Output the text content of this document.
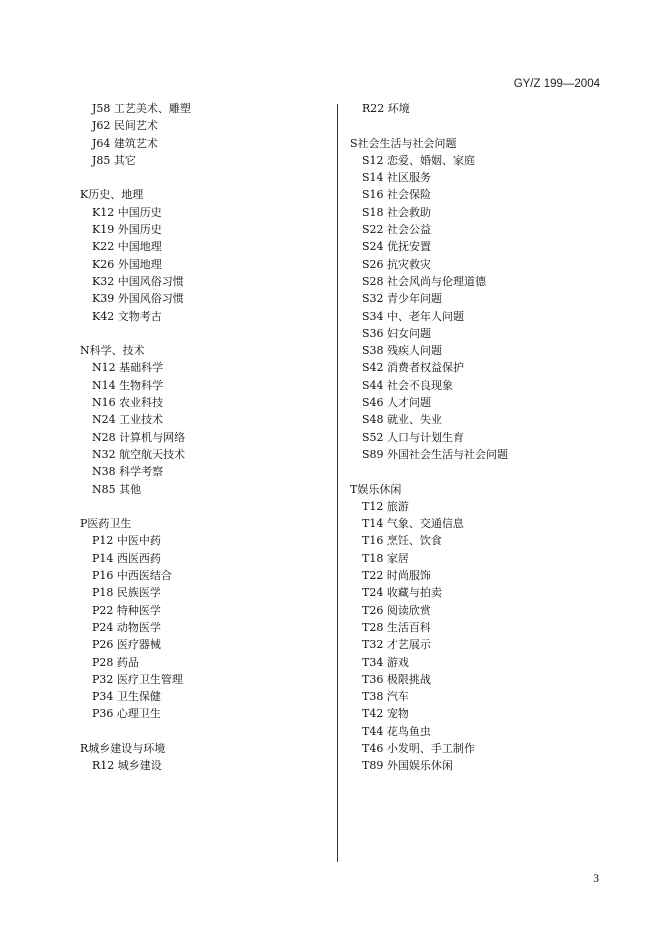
GY/Z 199—2004
J58 工艺美术、雕塑
J62 民间艺术
J64 建筑艺术
J85 其它
K历史、地理
K12 中国历史
K19 外国历史
K22 中国地理
K26 外国地理
K32 中国风俗习惯
K39 外国风俗习惯
K42 文物考古
N科学、技术
N12 基础科学
N14 生物科学
N16 农业科技
N24 工业技术
N28 计算机与网络
N32 航空航天技术
N38 科学考察
N85 其他
P医药卫生
P12 中医中药
P14 西医西药
P16 中西医结合
P18 民族医学
P22 特种医学
P24 动物医学
P26 医疗器械
P28 药品
P32 医疗卫生管理
P34 卫生保健
P36 心理卫生
R城乡建设与环境
R12 城乡建设
R22 环境
S社会生活与社会问题
S12 恋爱、婚姻、家庭
S14 社区服务
S16 社会保险
S18 社会救助
S22 社会公益
S24 优抚安置
S26 抗灾救灾
S28 社会风尚与伦理道德
S32 青少年问题
S34 中、老年人问题
S36 妇女问题
S38 残疾人问题
S42 消费者权益保护
S44 社会不良现象
S46 人才问题
S48 就业、失业
S52 人口与计划生育
S89 外国社会生活与社会问题
T娱乐休闲
T12 旅游
T14 气象、交通信息
T16 烹饪、饮食
T18 家居
T22 时尚服饰
T24 收藏与拍卖
T26 阅读欣赏
T28 生活百科
T32 才艺展示
T34 游戏
T36 极限挑战
T38 汽车
T42 宠物
T44 花鸟鱼虫
T46 小发明、手工制作
T89 外国娱乐休闲
3
